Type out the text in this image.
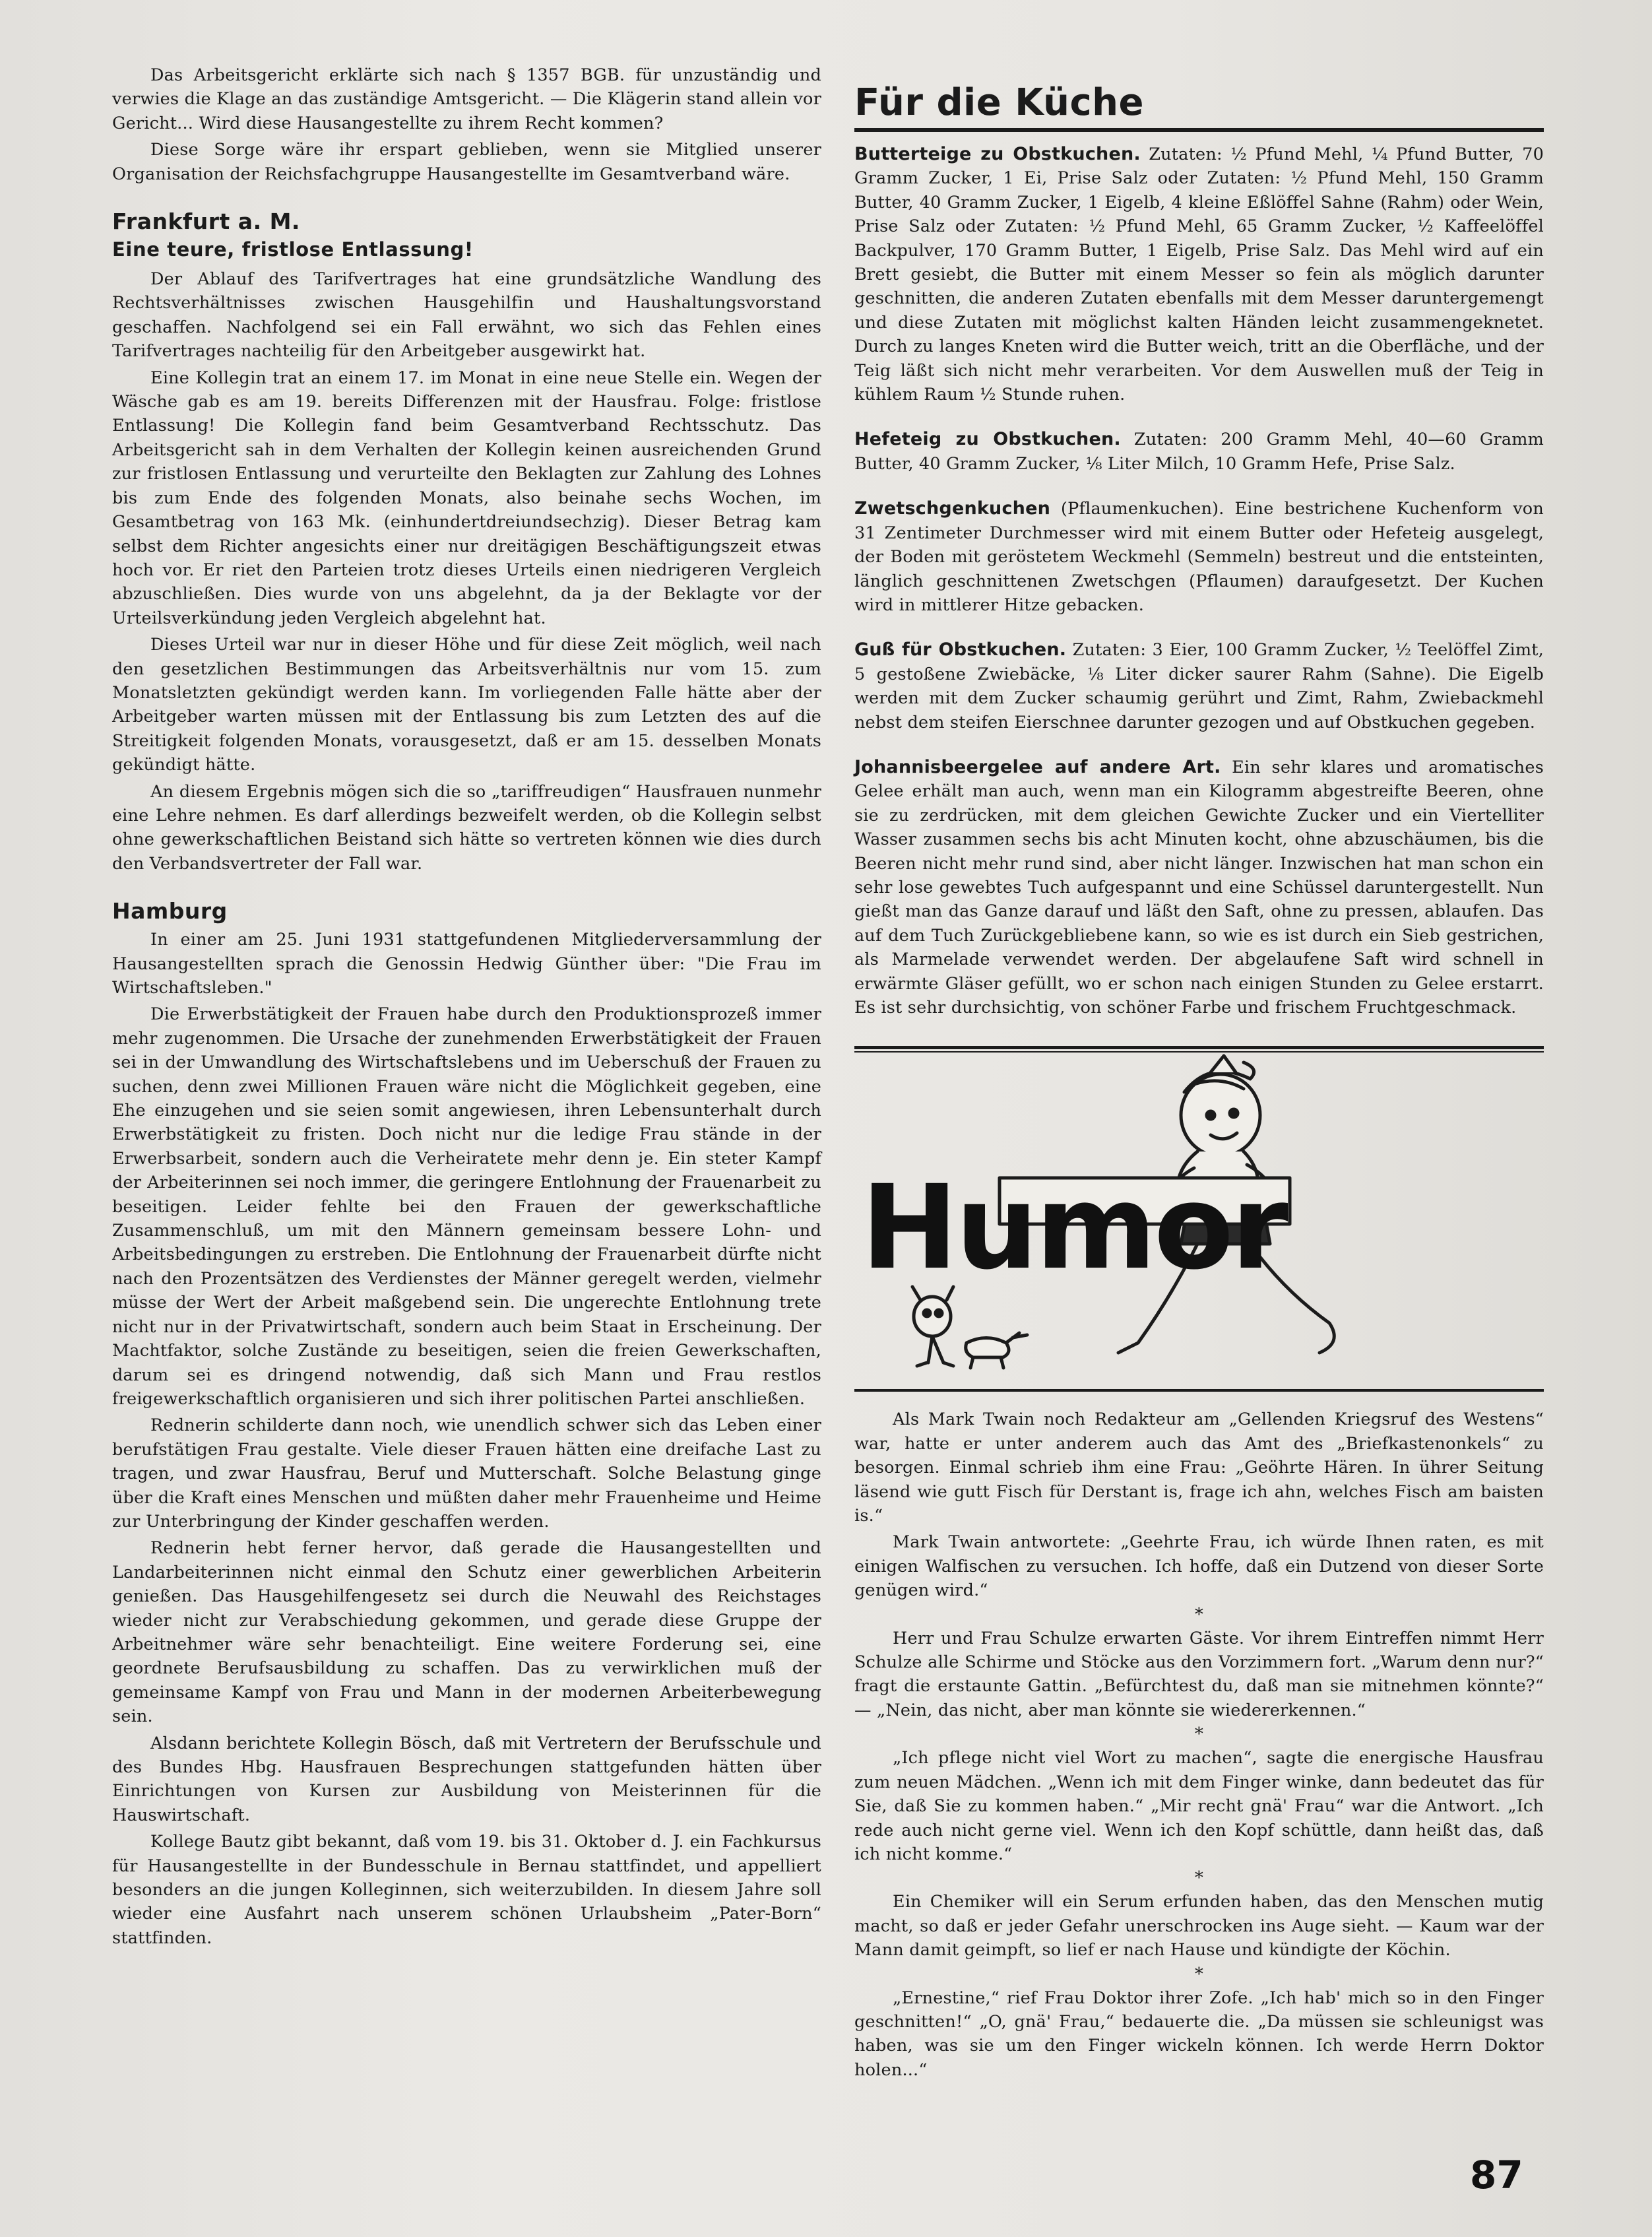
Das Arbeitsgericht erklärte sich nach § 1357 BGB. für unzuständig und verwies die Klage an das zuständige Amtsgericht. — Die Klägerin stand allein vor Gericht... Wird diese Hausangestellte zu ihrem Recht kommen?

Diese Sorge wäre ihr erspart geblieben, wenn sie Mitglied unserer Organisation der Reichsfachgruppe Hausangestellte im Gesamtverband wäre.

Frankfurt a. M.
Eine teure, fristlose Entlassung!

Der Ablauf des Tarifvertrages hat eine grundsätzliche Wandlung des Rechtsverhältnisses zwischen Hausgehilfin und Haushaltungsvorstand geschaffen. Nachfolgend sei ein Fall erwähnt, wo sich das Fehlen eines Tarifvertrages nachteilig für den Arbeitgeber ausgewirkt hat.

Eine Kollegin trat an einem 17. im Monat in eine neue Stelle ein. Wegen der Wäsche gab es am 19. bereits Differenzen mit der Hausfrau. Folge: fristlose Entlassung! Die Kollegin fand beim Gesamtverband Rechtsschutz. Das Arbeitsgericht sah in dem Verhalten der Kollegin keinen ausreichenden Grund zur fristlosen Entlassung und verurteilte den Beklagten zur Zahlung des Lohnes bis zum Ende des folgenden Monats, also beinahe sechs Wochen, im Gesamtbetrag von 163 Mk. (einhundertdreiundsechzig). Dieser Betrag kam selbst dem Richter angesichts einer nur dreitägigen Beschäftigungszeit etwas hoch vor. Er riet den Parteien trotz dieses Urteils einen niedrigeren Vergleich abzuschließen. Dies wurde von uns abgelehnt, da ja der Beklagte vor der Urteilsverkündung jeden Vergleich abgelehnt hat.

Dieses Urteil war nur in dieser Höhe und für diese Zeit möglich, weil nach den gesetzlichen Bestimmungen das Arbeitsverhältnis nur vom 15. zum Monatsletzten gekündigt werden kann. Im vorliegenden Falle hätte aber der Arbeitgeber warten müssen mit der Entlassung bis zum Letzten des auf die Streitigkeit folgenden Monats, vorausgesetzt, daß er am 15. desselben Monats gekündigt hätte.

An diesem Ergebnis mögen sich die so „tariffreudigen“ Hausfrauen nunmehr eine Lehre nehmen. Es darf allerdings bezweifelt werden, ob die Kollegin selbst ohne gewerkschaftlichen Beistand sich hätte so vertreten können wie dies durch den Verbandsvertreter der Fall war.

Hamburg

In einer am 25. Juni 1931 stattgefundenen Mitgliederversammlung der Hausangestellten sprach die Genossin Hedwig Günther über: "Die Frau im Wirtschaftsleben."

Die Erwerbstätigkeit der Frauen habe durch den Produktionsprozeß immer mehr zugenommen. Die Ursache der zunehmenden Erwerbstätigkeit der Frauen sei in der Umwandlung des Wirtschaftslebens und im Ueberschuß der Frauen zu suchen, denn zwei Millionen Frauen wäre nicht die Möglichkeit gegeben, eine Ehe einzugehen und sie seien somit angewiesen, ihren Lebensunterhalt durch Erwerbstätigkeit zu fristen. Doch nicht nur die ledige Frau stände in der Erwerbsarbeit, sondern auch die Verheiratete mehr denn je. Ein steter Kampf der Arbeiterinnen sei noch immer, die geringere Entlohnung der Frauenarbeit zu beseitigen. Leider fehlte bei den Frauen der gewerkschaftliche Zusammenschluß, um mit den Männern gemeinsam bessere Lohn- und Arbeitsbedingungen zu erstreben. Die Entlohnung der Frauenarbeit dürfte nicht nach den Prozentsätzen des Verdienstes der Männer geregelt werden, vielmehr müsse der Wert der Arbeit maßgebend sein. Die ungerechte Entlohnung trete nicht nur in der Privatwirtschaft, sondern auch beim Staat in Erscheinung. Der Machtfaktor, solche Zustände zu beseitigen, seien die freien Gewerkschaften, darum sei es dringend notwendig, daß sich Mann und Frau restlos freigewerkschaftlich organisieren und sich ihrer politischen Partei anschließen.

Rednerin schilderte dann noch, wie unendlich schwer sich das Leben einer berufstätigen Frau gestalte. Viele dieser Frauen hätten eine dreifache Last zu tragen, und zwar Hausfrau, Beruf und Mutterschaft. Solche Belastung ginge über die Kraft eines Menschen und müßten daher mehr Frauenheime und Heime zur Unterbringung der Kinder geschaffen werden.

Rednerin hebt ferner hervor, daß gerade die Hausangestellten und Landarbeiterinnen nicht einmal den Schutz einer gewerblichen Arbeiterin genießen. Das Hausgehilfengesetz sei durch die Neuwahl des Reichstages wieder nicht zur Verabschiedung gekommen, und gerade diese Gruppe der Arbeitnehmer wäre sehr benachteiligt. Eine weitere Forderung sei, eine geordnete Berufsausbildung zu schaffen. Das zu verwirklichen muß der gemeinsame Kampf von Frau und Mann in der modernen Arbeiterbewegung sein.

Alsdann berichtete Kollegin Bösch, daß mit Vertretern der Berufsschule und des Bundes Hbg. Hausfrauen Besprechungen stattgefunden hätten über Einrichtungen von Kursen zur Ausbildung von Meisterinnen für die Hauswirtschaft.

Kollege Bautz gibt bekannt, daß vom 19. bis 31. Oktober d. J. ein Fachkursus für Hausangestellte in der Bundesschule in Bernau stattfindet, und appelliert besonders an die jungen Kolleginnen, sich weiterzubilden. In diesem Jahre soll wieder eine Ausfahrt nach unserem schönen Urlaubsheim „Pater-Born“ stattfinden.

Für die Küche

Butterteige zu Obstkuchen. Zutaten: ½ Pfund Mehl, ¼ Pfund Butter, 70 Gramm Zucker, 1 Ei, Prise Salz oder Zutaten: ½ Pfund Mehl, 150 Gramm Butter, 40 Gramm Zucker, 1 Eigelb, 4 kleine Eßlöffel Sahne (Rahm) oder Wein, Prise Salz oder Zutaten: ½ Pfund Mehl, 65 Gramm Zucker, ½ Kaffeelöffel Backpulver, 170 Gramm Butter, 1 Eigelb, Prise Salz. Das Mehl wird auf ein Brett gesiebt, die Butter mit einem Messer so fein als möglich darunter geschnitten, die anderen Zutaten ebenfalls mit dem Messer daruntergemengt und diese Zutaten mit möglichst kalten Händen leicht zusammengeknetet. Durch zu langes Kneten wird die Butter weich, tritt an die Oberfläche, und der Teig läßt sich nicht mehr verarbeiten. Vor dem Auswellen muß der Teig in kühlem Raum ½ Stunde ruhen.

Hefeteig zu Obstkuchen. Zutaten: 200 Gramm Mehl, 40—60 Gramm Butter, 40 Gramm Zucker, ⅛ Liter Milch, 10 Gramm Hefe, Prise Salz.

Zwetschgenkuchen (Pflaumenkuchen). Eine bestrichene Kuchenform von 31 Zentimeter Durchmesser wird mit einem Butter oder Hefeteig ausgelegt, der Boden mit geröstetem Weckmehl (Semmeln) bestreut und die entsteinten, länglich geschnittenen Zwetschgen (Pflaumen) daraufgesetzt. Der Kuchen wird in mittlerer Hitze gebacken.

Guß für Obstkuchen. Zutaten: 3 Eier, 100 Gramm Zucker, ½ Teelöffel Zimt, 5 gestoßene Zwiebäcke, ⅛ Liter dicker saurer Rahm (Sahne). Die Eigelb werden mit dem Zucker schaumig gerührt und Zimt, Rahm, Zwiebackmehl nebst dem steifen Eierschnee darunter gezogen und auf Obstkuchen gegeben.

Johannisbeergelee auf andere Art. Ein sehr klares und aromatisches Gelee erhält man auch, wenn man ein Kilogramm abgestreifte Beeren, ohne sie zu zerdrücken, mit dem gleichen Gewichte Zucker und ein Viertelliter Wasser zusammen sechs bis acht Minuten kocht, ohne abzuschäumen, bis die Beeren nicht mehr rund sind, aber nicht länger. Inzwischen hat man schon ein sehr lose gewebtes Tuch aufgespannt und eine Schüssel daruntergestellt. Nun gießt man das Ganze darauf und läßt den Saft, ohne zu pressen, ablaufen. Das auf dem Tuch Zurückgebliebene kann, so wie es ist durch ein Sieb gestrichen, als Marmelade verwendet werden. Der abgelaufene Saft wird schnell in erwärmte Gläser gefüllt, wo er schon nach einigen Stunden zu Gelee erstarrt. Es ist sehr durchsichtig, von schöner Farbe und frischem Fruchtgeschmack.

Humor

Als Mark Twain noch Redakteur am „Gellenden Kriegsruf des Westens“ war, hatte er unter anderem auch das Amt des „Briefkastenonkels“ zu besorgen. Einmal schrieb ihm eine Frau: „Geöhrte Hären. In ührer Seitung läsend wie gutt Fisch für Derstant is, frage ich ahn, welches Fisch am baisten is.“

Mark Twain antwortete: „Geehrte Frau, ich würde Ihnen raten, es mit einigen Walfischen zu versuchen. Ich hoffe, daß ein Dutzend von dieser Sorte genügen wird.“

*

Herr und Frau Schulze erwarten Gäste. Vor ihrem Eintreffen nimmt Herr Schulze alle Schirme und Stöcke aus den Vorzimmern fort. „Warum denn nur?“ fragt die erstaunte Gattin. „Befürchtest du, daß man sie mitnehmen könnte?“ — „Nein, das nicht, aber man könnte sie wiedererkennen.“

*

„Ich pflege nicht viel Wort zu machen“, sagte die energische Hausfrau zum neuen Mädchen. „Wenn ich mit dem Finger winke, dann bedeutet das für Sie, daß Sie zu kommen haben.“ „Mir recht gnä' Frau“ war die Antwort. „Ich rede auch nicht gerne viel. Wenn ich den Kopf schüttle, dann heißt das, daß ich nicht komme.“

*

Ein Chemiker will ein Serum erfunden haben, das den Menschen mutig macht, so daß er jeder Gefahr unerschrocken ins Auge sieht. — Kaum war der Mann damit geimpft, so lief er nach Hause und kündigte der Köchin.

*

„Ernestine,“ rief Frau Doktor ihrer Zofe. „Ich hab' mich so in den Finger geschnitten!“ „O, gnä' Frau,“ bedauerte die. „Da müssen sie schleunigst was haben, was sie um den Finger wickeln können. Ich werde Herrn Doktor holen...“

87
